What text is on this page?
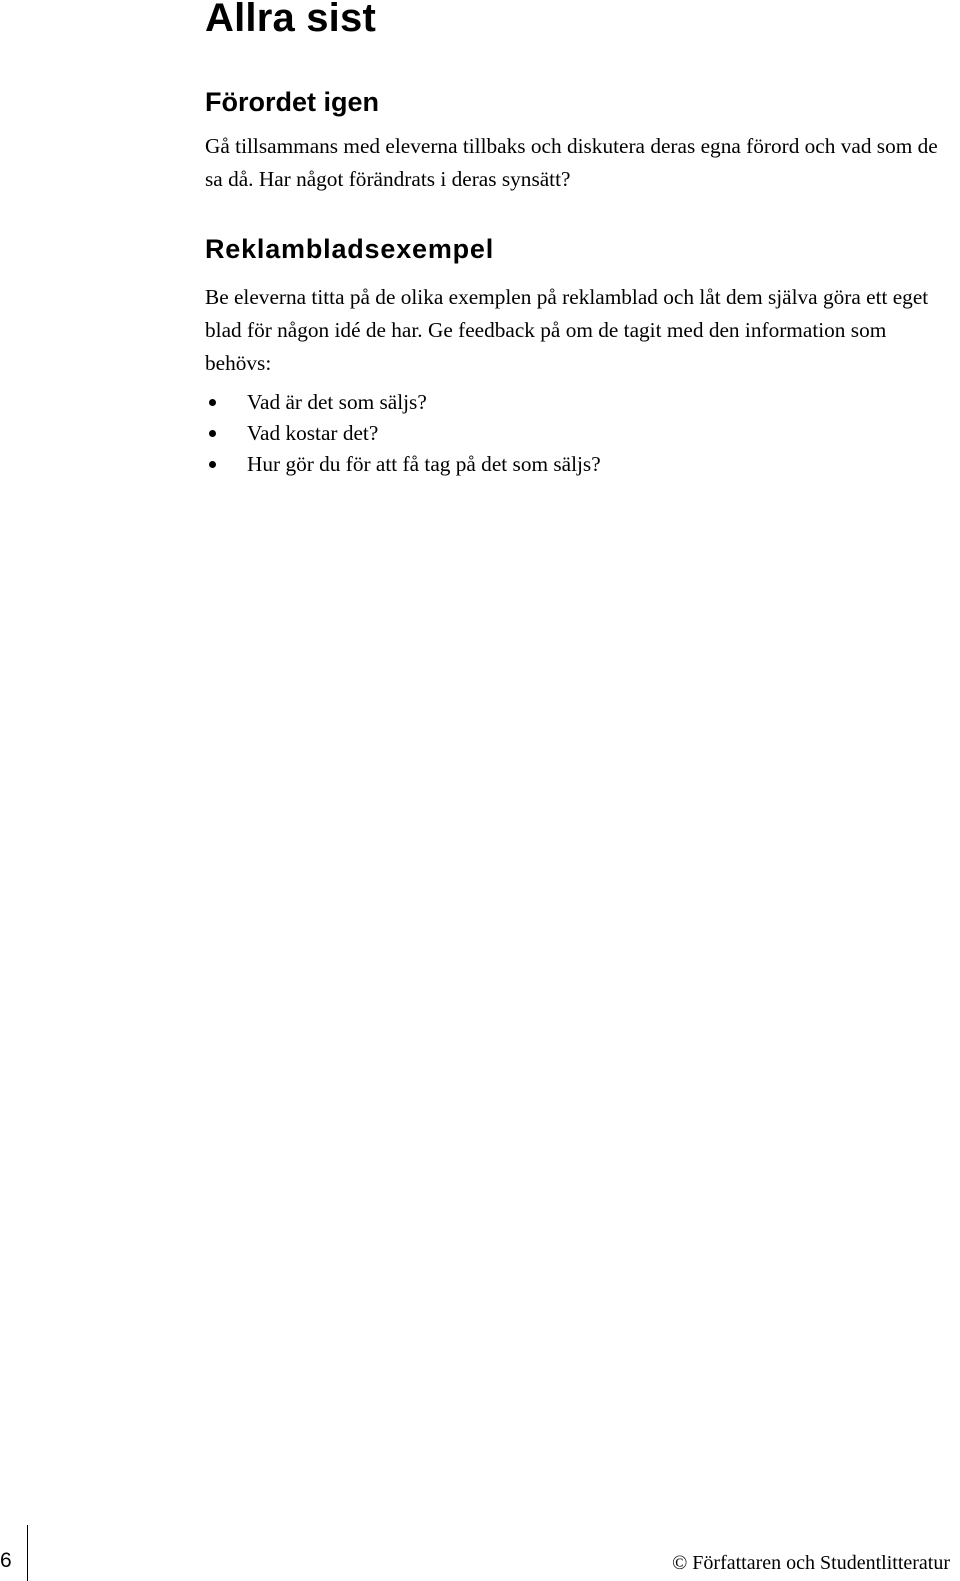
Allra sist
Förordet igen

Gå tillsammans med eleverna tillbaks och diskutera deras egna förord och vad som de sa då. Har något förändrats i deras synsätt?

Reklambladsexempel

Be eleverna titta på de olika exemplen på reklamblad och låt dem själva göra ett eget blad för någon idé de har. Ge feedback på om de tagit med den information som behövs:

Vad är det som säljs?
Vad kostar det?
Hur gör du för att få tag på det som säljs?
6	© Författaren och Studentlitteratur
